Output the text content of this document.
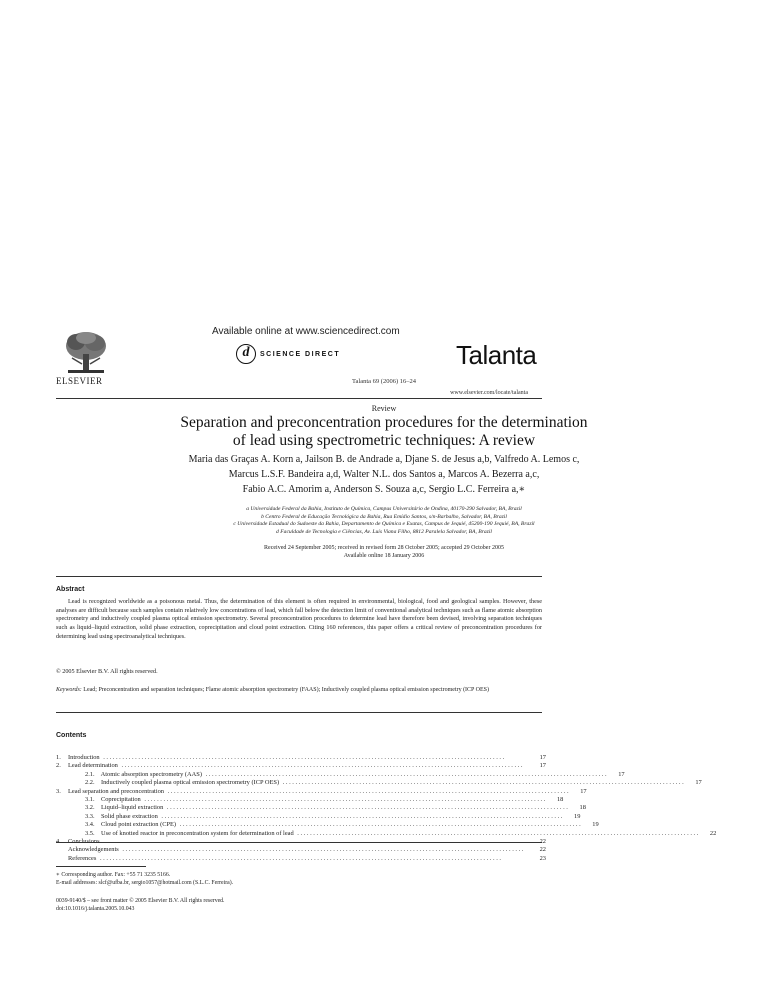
ELSEVIER
Available online at www.sciencedirect.com
d	SCIENCE DIRECT	Talanta
Talanta 69 (2006) 16–24
www.elsevier.com/locate/talanta
Review
Separation and preconcentration procedures for the determination
of lead using spectrometric techniques: A review
Maria das Graças A. Korn a, Jailson B. de Andrade a, Djane S. de Jesus a,b, Valfredo A. Lemos c,
Marcus L.S.F. Bandeira a,d, Walter N.L. dos Santos a, Marcos A. Bezerra a,c,
Fabio A.C. Amorim a, Anderson S. Souza a,c, Sergio L.C. Ferreira a,∗
a Universidade Federal da Bahia, Instituto de Química, Campus Universitário de Ondina, 40170-290 Salvador, BA, Brazil
b Centro Federal de Educação Tecnológica da Bahia, Rua Emídio Santos, s/n-Barbalho, Salvador, BA, Brazil
c Universidade Estadual do Sudoeste da Bahia, Departamento de Química e Exatas, Campus de Jequié, 45200-190 Jequié, BA, Brazil
d Faculdade de Tecnologia e Ciências, Av. Luís Viana Filho, 8812 Paralela Salvador, BA, Brazil
Received 24 September 2005; received in revised form 28 October 2005; accepted 29 October 2005
Available online 18 January 2006
Abstract
Lead is recognized worldwide as a poisonous metal. Thus, the determination of this element is often required in environmental, biological, food and geological samples. However, these analyses are difficult because such samples contain relatively low concentrations of lead, which fall below the detection limit of conventional analytical techniques such as flame atomic absorption spectrometry and inductively coupled plasma optical emission spectrometry. Several preconcentration procedures to determine lead have therefore been devised, involving separation techniques such as liquid–liquid extraction, solid phase extraction, coprecipitation and cloud point extraction. Citing 160 references, this paper offers a critical review of preconcentration procedures for determining lead using spectroanalytical techniques.
© 2005 Elsevier B.V. All rights reserved.
Keywords: Lead; Preconcentration and separation techniques; Flame atomic absorption spectrometry (FAAS); Inductively coupled plasma optical emission spectrometry (ICP OES)
Contents
1.	Introduction . . . . . . . . . . . . . . . . . . . . . . . . . . . . . . . . . . . . . . . . . . . . . . . . . . . . . . . . . . . . . . . . . . . . . . . . . . . . . . . . . . . . . . . . . . . . . . . . . . . . . . . . . . . . . . . . . . . . . . . . . . . . . .	17
2.	Lead determination . . . . . . . . . . . . . . . . . . . . . . . . . . . . . . . . . . . . . . . . . . . . . . . . . . . . . . . . . . . . . . . . . . . . . . . . . . . . . . . . . . . . . . . . . . . . . . . . . . . . . . . . . . . . . . . . . . . . . . . . . . . . . .	17
2.1.    Atomic absorption spectrometry (AAS) . . . . . . . . . . . . . . . . . . . . . . . . . . . . . . . . . . . . . . . . . . . . . . . . . . . . . . . . . . . . . . . . . . . . . . . . . . . . . . . . . . . . . . . . . . . . . . . . . . . . . . . . . . . . . . . . . . . . . . . . . . . . . .	17
2.2.    Inductively coupled plasma optical emission spectrometry (ICP OES) . . . . . . . . . . . . . . . . . . . . . . . . . . . . . . . . . . . . . . . . . . . . . . . . . . . . . . . . . . . . . . . . . . . . . . . . . . . . . . . . . . . . . . . . . . . . . . . . . . . . . . . . . . . . . . . . . . . . . . . . . . . . . .	17
3.	Lead separation and preconcentration . . . . . . . . . . . . . . . . . . . . . . . . . . . . . . . . . . . . . . . . . . . . . . . . . . . . . . . . . . . . . . . . . . . . . . . . . . . . . . . . . . . . . . . . . . . . . . . . . . . . . . . . . . . . . . . . . . . . . . . . . . . . . .	17
3.1.    Coprecipitation . . . . . . . . . . . . . . . . . . . . . . . . . . . . . . . . . . . . . . . . . . . . . . . . . . . . . . . . . . . . . . . . . . . . . . . . . . . . . . . . . . . . . . . . . . . . . . . . . . . . . . . . . . . . . . . . . . . . . . . . . . . . . .	18
3.2.    Liquid–liquid extraction . . . . . . . . . . . . . . . . . . . . . . . . . . . . . . . . . . . . . . . . . . . . . . . . . . . . . . . . . . . . . . . . . . . . . . . . . . . . . . . . . . . . . . . . . . . . . . . . . . . . . . . . . . . . . . . . . . . . . . . . . . . . . .	18
3.3.    Solid phase extraction . . . . . . . . . . . . . . . . . . . . . . . . . . . . . . . . . . . . . . . . . . . . . . . . . . . . . . . . . . . . . . . . . . . . . . . . . . . . . . . . . . . . . . . . . . . . . . . . . . . . . . . . . . . . . . . . . . . . . . . . . . . . . .	19
3.4.    Cloud point extraction (CPE) . . . . . . . . . . . . . . . . . . . . . . . . . . . . . . . . . . . . . . . . . . . . . . . . . . . . . . . . . . . . . . . . . . . . . . . . . . . . . . . . . . . . . . . . . . . . . . . . . . . . . . . . . . . . . . . . . . . . . . . . . . . . . .	19
3.5.    Use of knotted reactor in preconcentration system for determination of lead . . . . . . . . . . . . . . . . . . . . . . . . . . . . . . . . . . . . . . . . . . . . . . . . . . . . . . . . . . . . . . . . . . . . . . . . . . . . . . . . . . . . . . . . . . . . . . . . . . . . . . . . . . . . . . . . . . . . . . . . . . . . . .	22
4.	Conclusions . . . . . . . . . . . . . . . . . . . . . . . . . . . . . . . . . . . . . . . . . . . . . . . . . . . . . . . . . . . . . . . . . . . . . . . . . . . . . . . . . . . . . . . . . . . . . . . . . . . . . . . . . . . . . . . . . . . . . . . . . . . . . .	22
Acknowledgements . . . . . . . . . . . . . . . . . . . . . . . . . . . . . . . . . . . . . . . . . . . . . . . . . . . . . . . . . . . . . . . . . . . . . . . . . . . . . . . . . . . . . . . . . . . . . . . . . . . . . . . . . . . . . . . . . . . . . . . . . . . . . .	22
References . . . . . . . . . . . . . . . . . . . . . . . . . . . . . . . . . . . . . . . . . . . . . . . . . . . . . . . . . . . . . . . . . . . . . . . . . . . . . . . . . . . . . . . . . . . . . . . . . . . . . . . . . . . . . . . . . . . . . . . . . . . . . .	23
∗ Corresponding author. Fax: +55 71 3235 5166.
E-mail addresses: slcf@ufba.br, sergio1057@hotmail.com (S.L.C. Ferreira).
0039-9140/$ – see front matter © 2005 Elsevier B.V. All rights reserved.
doi:10.1016/j.talanta.2005.10.043
